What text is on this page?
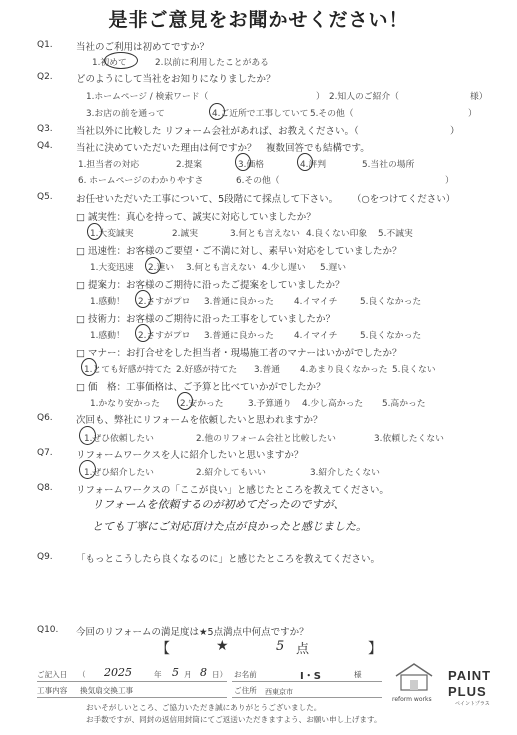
是非ご意見をお聞かせください！
Q1. 当社のご利用は初めてですか？
1.初めて	2.以前に利用したことがある
Q2. どのようにして当社をお知りになりましたか？
1.ホームページ / 検索ワード（	） 2.知人のご紹介（	様）
3.お店の前を通って	4.ご近所で工事していて 5.その他（	）
Q3. 当社以外に比較した リフォーム会社があれば、お教えください。（	）
Q4. 当社に決めていただいた理由は何ですか？　複数回答でも結構です。
1.担当者の対応	2.提案	3.価格	4.評判	5.当社の場所
6. ホームページのわかりやすさ	6.その他（	）
Q5. お任せいただいた工事について、5段階にて採点して下さい。 （○をつけてください）
□ 誠実性：真心を持って、誠実に対応していましたか？
1.大変誠実	2.誠実	3.何とも言えない 4.良くない印象 5.不誠実
□ 迅速性：お客様のご要望・ご不満に対し、素早い対応をしていましたか？
1.大変迅速 2.速い 3.何とも言えない 4.少し遅い 5.遅い
□ 提案力：お客様のご期待に沿ったご提案をしていましたか？
1.感動！ 2.さすがプロ 3.普通に良かった 4.イマイチ	5.良くなかった
□ 技術力：お客様のご期待に沿った工事をしていましたか？
1.感動！ 2.さすがプロ 3.普通に良かった 4.イマイチ	5.良くなかった
□ マナー：お打合せをした担当者・現場施工者のマナーはいかがでしたか？
1.とても好感が持てた 2.好感が持てた 3.普通 4.あまり良くなかった 5.良くない
□ 価　格：工事価格は、ご予算と比べていかがでしたか？
1.かなり安かった 2.安かった	3.予算通り 4.少し高かった 5.高かった
Q6. 次回も、弊社にリフォームを依頼したいと思われますか？
1.ぜひ依頼したい	2.他のリフォーム会社と比較したい	3.依頼したくない
Q7. リフォームワークスを人に紹介したいと思いますか？
1.ぜひ紹介したい	2.紹介してもいい	3.紹介したくない
Q8. リフォームワークスの「ここが良い」と感じたところを教えてください。
リフォームを依頼するのが初めてだったのですが、
とても丁寧にご対応頂けた点が良かったと感じました。
Q9. 「もっとこうしたら良くなるのに」と感じたところを教えてください。
Q10. 今回のリフォームの満足度は★5点満点中何点ですか？
【	★	5 点	】
ご記入日 （ 2025	年 5 月 8 日） お名前	I・S	様
工事内容 換気扇交換工事	ご住所 西東京市
おいそがしいところ、ご協力いただき誠にありがとうございました。
お手数ですが、同封の返信用封筒にてご返送いただきますよう、お願い申し上げます。
reform works
PAINT
PLUS
ペイントプラス
